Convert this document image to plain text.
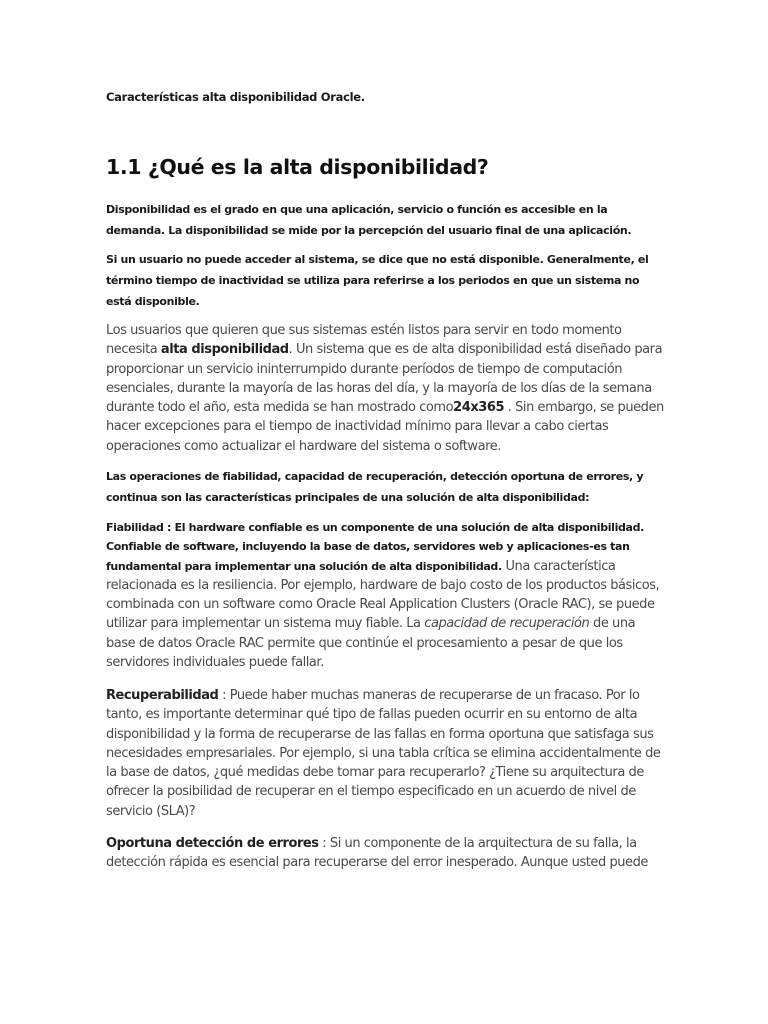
Características alta disponibilidad Oracle.
1.1 ¿Qué es la alta disponibilidad?

Disponibilidad es el grado en que una aplicación, servicio o función es accesible en la demanda. La disponibilidad se mide por la percepción del usuario final de una aplicación.

Si un usuario no puede acceder al sistema, se dice que no está disponible. Generalmente, el término tiempo de inactividad se utiliza para referirse a los periodos en que un sistema no está disponible.

Los usuarios que quieren que sus sistemas estén listos para servir en todo momento necesita alta disponibilidad. Un sistema que es de alta disponibilidad está diseñado para proporcionar un servicio ininterrumpido durante períodos de tiempo de computación esenciales, durante la mayoría de las horas del día, y la mayoría de los días de la semana durante todo el año, esta medida se han mostrado como24x365 . Sin embargo, se pueden hacer excepciones para el tiempo de inactividad mínimo para llevar a cabo ciertas operaciones como actualizar el hardware del sistema o software.

Las operaciones de fiabilidad, capacidad de recuperación, detección oportuna de errores, y continua son las características principales de una solución de alta disponibilidad:

Fiabilidad : El hardware confiable es un componente de una solución de alta disponibilidad. Confiable de software, incluyendo la base de datos, servidores web y aplicaciones-es tan fundamental para implementar una solución de alta disponibilidad. Una característica relacionada es la resiliencia. Por ejemplo, hardware de bajo costo de los productos básicos, combinada con un software como Oracle Real Application Clusters (Oracle RAC), se puede utilizar para implementar un sistema muy fiable. La capacidad de recuperación de una base de datos Oracle RAC permite que continúe el procesamiento a pesar de que los servidores individuales puede fallar.

Recuperabilidad : Puede haber muchas maneras de recuperarse de un fracaso. Por lo tanto, es importante determinar qué tipo de fallas pueden ocurrir en su entorno de alta disponibilidad y la forma de recuperarse de las fallas en forma oportuna que satisfaga sus necesidades empresariales. Por ejemplo, si una tabla crítica se elimina accidentalmente de la base de datos, ¿qué medidas debe tomar para recuperarlo? ¿Tiene su arquitectura de ofrecer la posibilidad de recuperar en el tiempo especificado en un acuerdo de nivel de servicio (SLA)?

Oportuna detección de errores : Si un componente de la arquitectura de su falla, la detección rápida es esencial para recuperarse del error inesperado. Aunque usted puede
